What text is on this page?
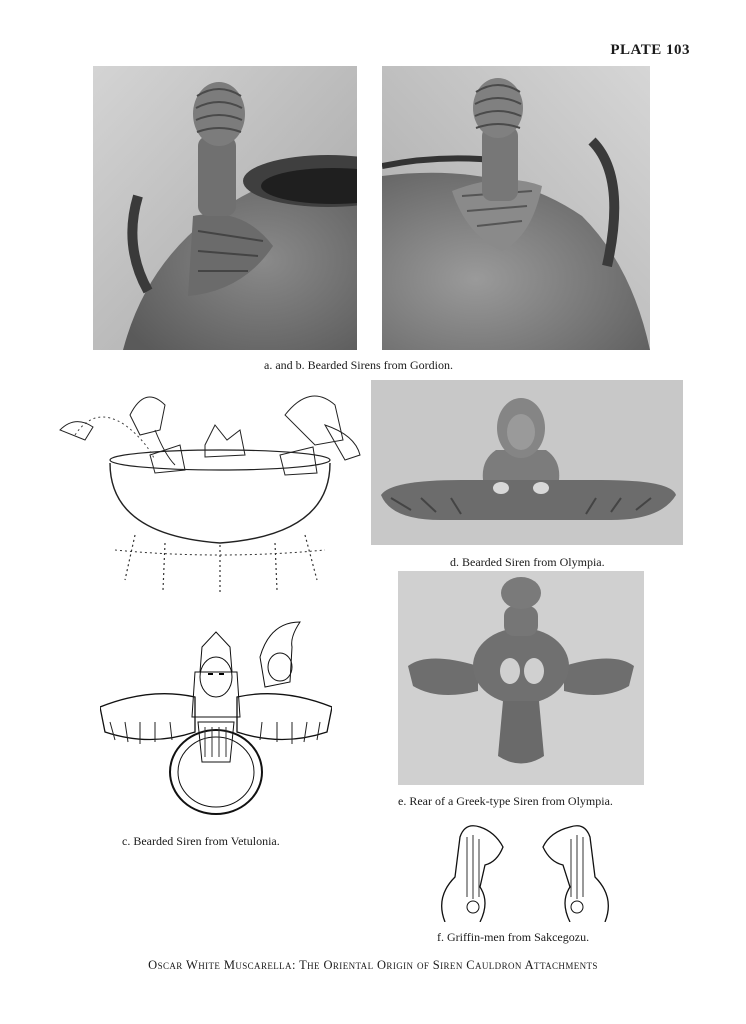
PLATE 103
a. and b. Bearded Sirens from Gordion.
d. Bearded Siren from Olympia.
c. Bearded Siren from Vetulonia.
e. Rear of a Greek-type Siren from Olympia.
f. Griffin-men from Sakcegozu.
Oscar White Muscarella: The Oriental Origin of Siren Cauldron Attachments
